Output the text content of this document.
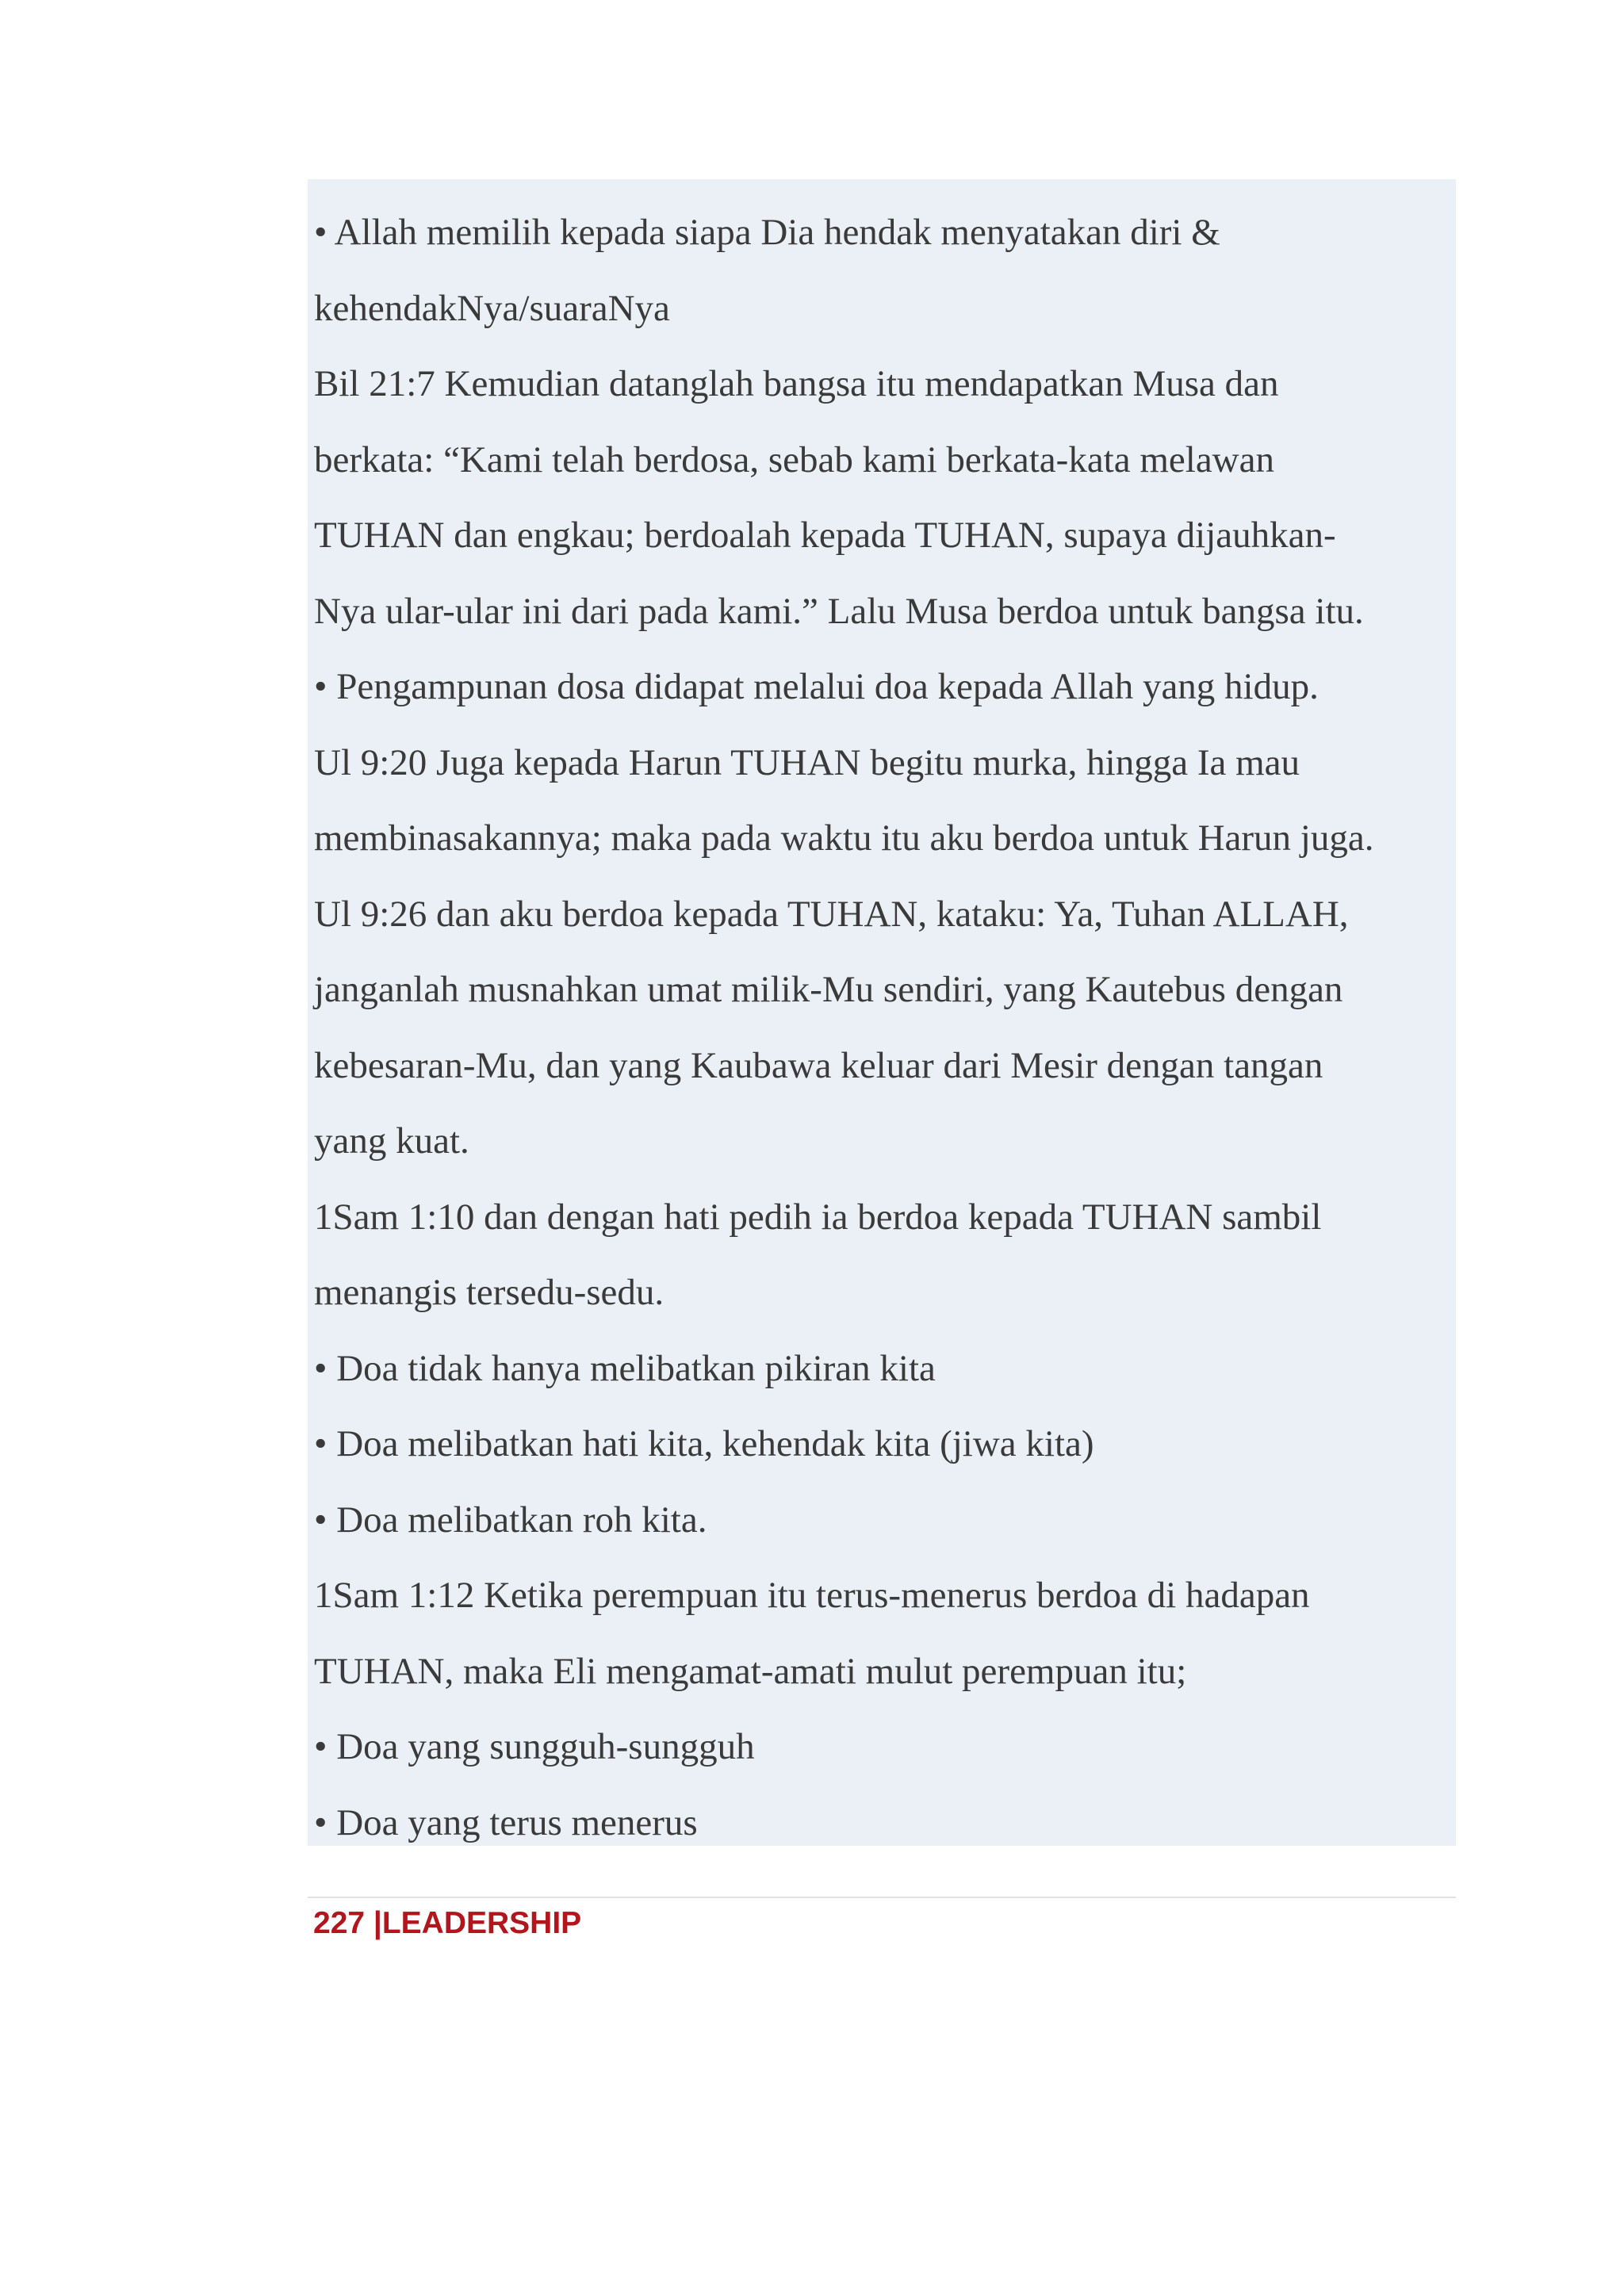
• Allah memilih kepada siapa Dia hendak menyatakan diri &
kehendakNya/suaraNya
Bil 21:7 Kemudian datanglah bangsa itu mendapatkan Musa dan
berkata: “Kami telah berdosa, sebab kami berkata-kata melawan
TUHAN dan engkau; berdoalah kepada TUHAN, supaya dijauhkan-
Nya ular-ular ini dari pada kami.” Lalu Musa berdoa untuk bangsa itu.
• Pengampunan dosa didapat melalui doa kepada Allah yang hidup.
Ul 9:20 Juga kepada Harun TUHAN begitu murka, hingga Ia mau
membinasakannya; maka pada waktu itu aku berdoa untuk Harun juga.
Ul 9:26 dan aku berdoa kepada TUHAN, kataku: Ya, Tuhan ALLAH,
janganlah musnahkan umat milik-Mu sendiri, yang Kautebus dengan
kebesaran-Mu, dan yang Kaubawa keluar dari Mesir dengan tangan
yang kuat.
1Sam 1:10 dan dengan hati pedih ia berdoa kepada TUHAN sambil
menangis tersedu-sedu.
• Doa tidak hanya melibatkan pikiran kita
• Doa melibatkan hati kita, kehendak kita (jiwa kita)
• Doa melibatkan roh kita.
1Sam 1:12 Ketika perempuan itu terus-menerus berdoa di hadapan
TUHAN, maka Eli mengamat-amati mulut perempuan itu;
• Doa yang sungguh-sungguh
• Doa yang terus menerus
227 |LEADERSHIP
